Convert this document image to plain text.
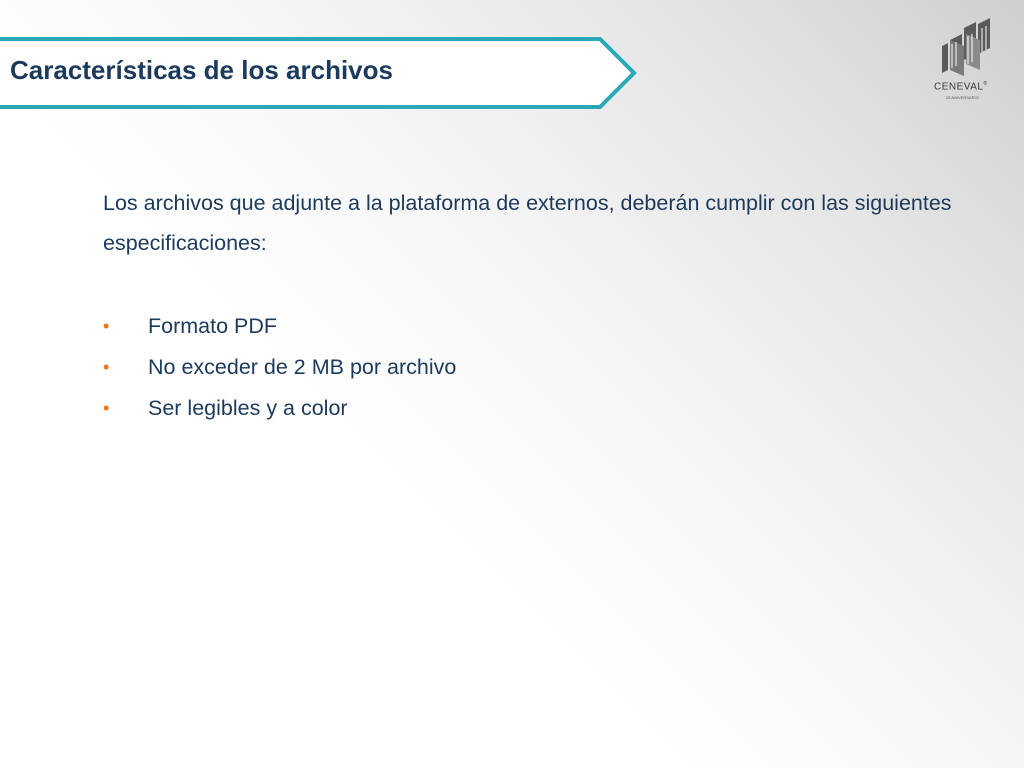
Características de los archivos
CENEVAL®
25 ANIVERSARIO
Los archivos que adjunte a la plataforma de externos, deberán cumplir con las siguientes especificaciones:
• Formato PDF
• No exceder de 2 MB por archivo
• Ser legibles y a color
